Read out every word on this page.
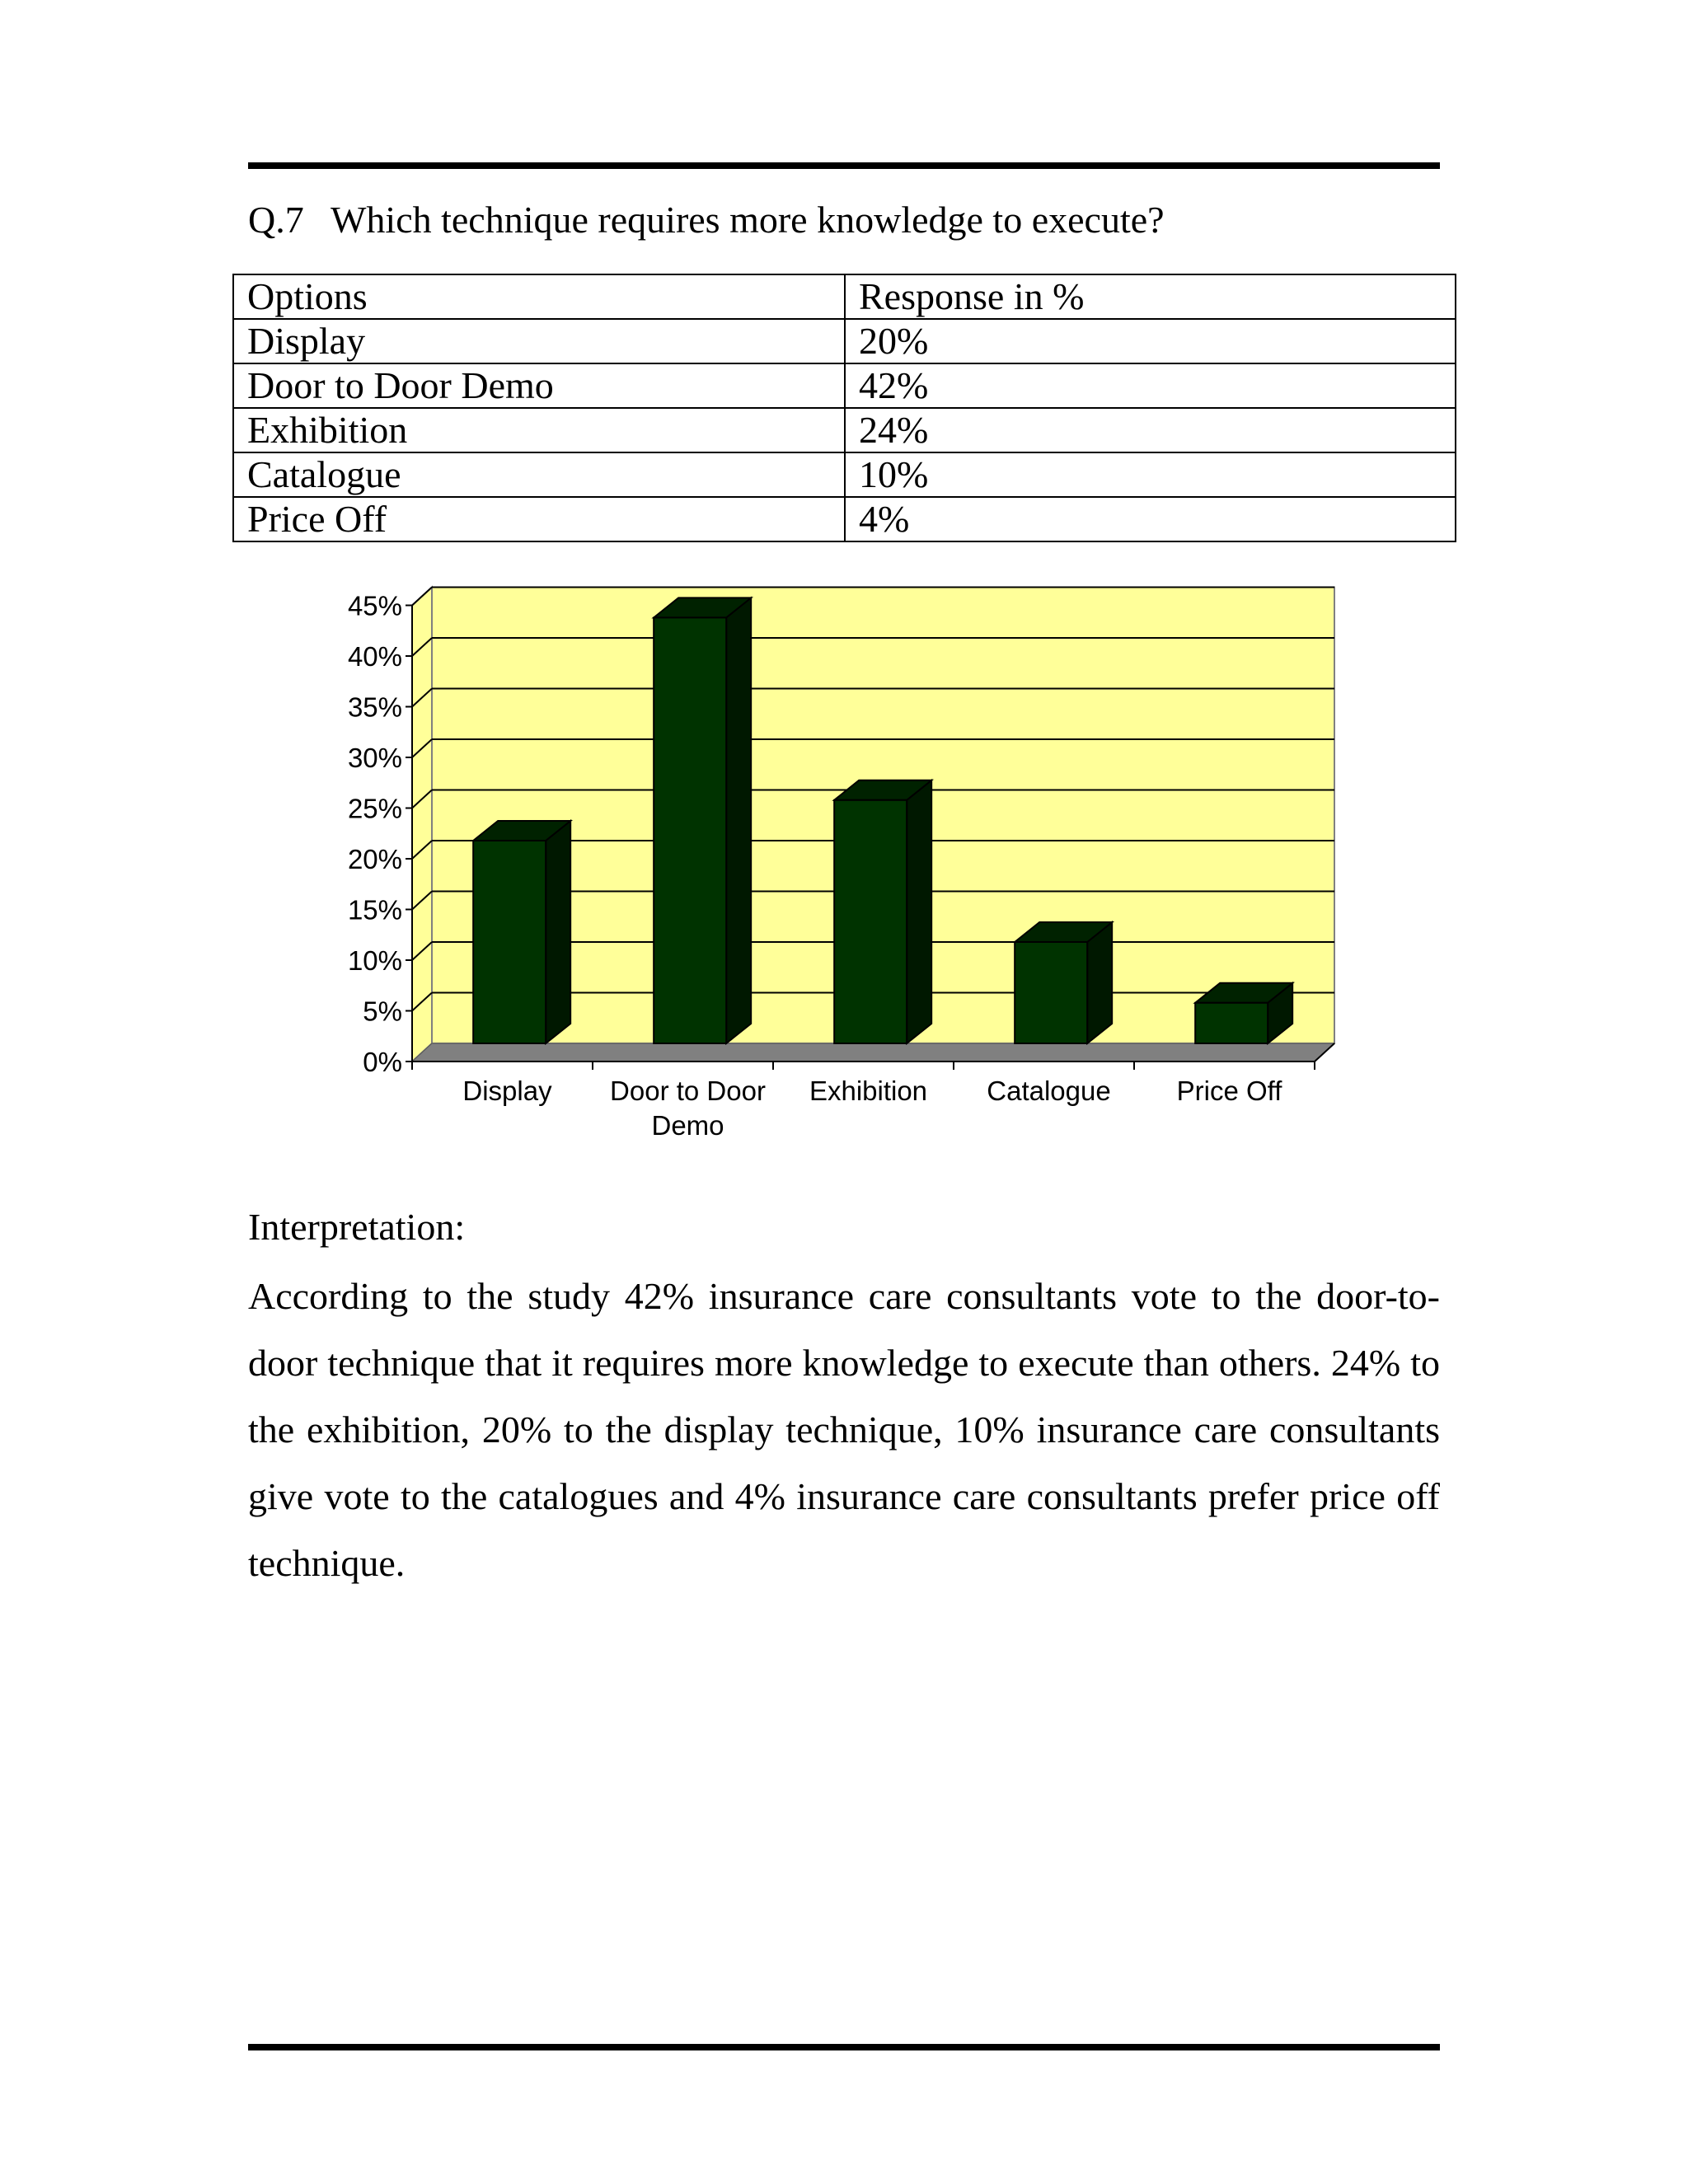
Q.7 Which technique requires more knowledge to execute?
Options	Response in %
Display	20%
Door to Door Demo	42%
Exhibition	24%
Catalogue	10%
Price Off	4%
0%
5%
10%
15%
20%
25%
30%
35%
40%
45%
Display Door to Door Demo
Exhibition Catalogue Price Off
Interpretation:

According to the study 42% insurance care consultants vote to the door-to-door technique that it requires more knowledge to execute than others. 24% to the exhibition, 20% to the display technique, 10% insurance care consultants give vote to the catalogues and 4% insurance care consultants prefer price off technique.
